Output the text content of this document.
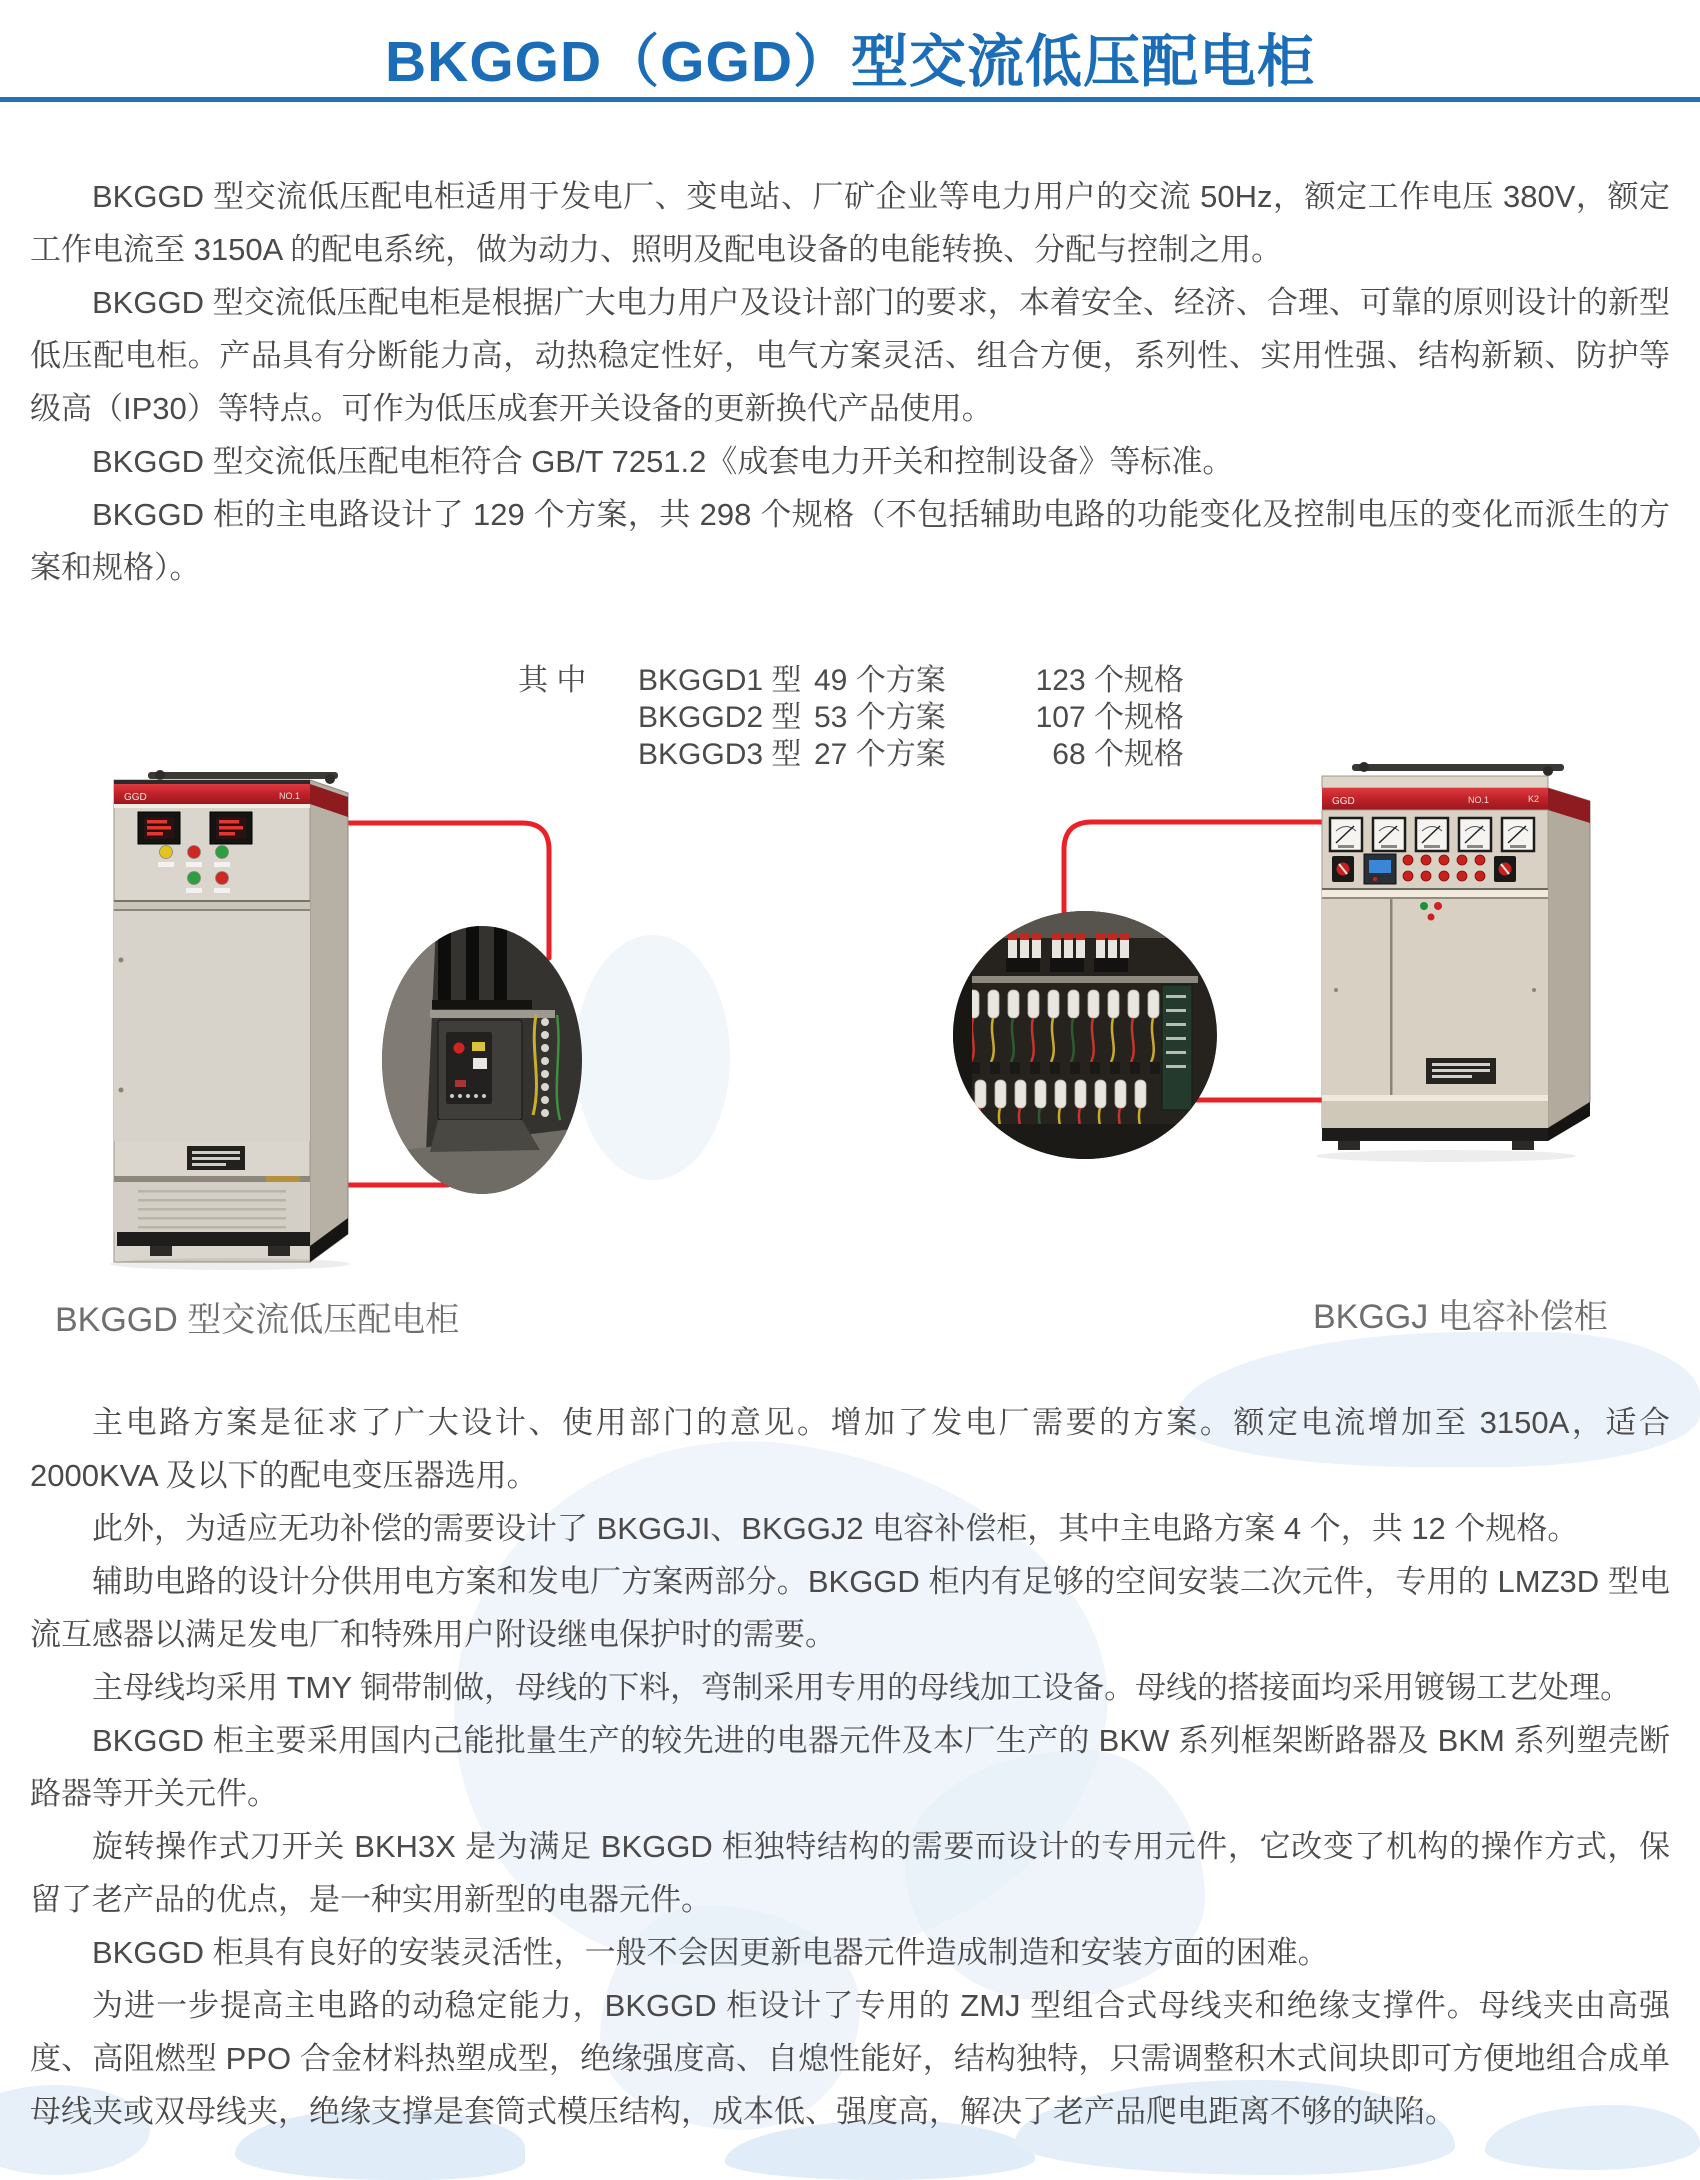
BKGGD（GGD）型交流低压配电柜

BKGGD 型交流低压配电柜适用于发电厂、变电站、厂矿企业等电力用户的交流 50Hz，额定工作电压 380V，额定工作电流至 3150A 的配电系统，做为动力、照明及配电设备的电能转换、分配与控制之用。

BKGGD 型交流低压配电柜是根据广大电力用户及设计部门的要求，本着安全、经济、合理、可靠的原则设计的新型低压配电柜。产品具有分断能力高，动热稳定性好，电气方案灵活、组合方便，系列性、实用性强、结构新颖、防护等级高（IP30）等特点。可作为低压成套开关设备的更新换代产品使用。

BKGGD 型交流低压配电柜符合 GB/T 7251.2《成套电力开关和控制设备》等标准。

BKGGD 柜的主电路设计了 129 个方案，共 298 个规格（不包括辅助电路的功能变化及控制电压的变化而派生的方案和规格）。

其 中	BKGGD1 型 49 个方案	123 个规格
BKGGD2 型 53 个方案	107 个规格
BKGGD3 型 27 个方案	68 个规格
GGD	NO.1	GGD	NO.1	K2
BKGGD 型交流低压配电柜	BKGGJ 电容补偿柜

主电路方案是征求了广大设计、使用部门的意见。增加了发电厂需要的方案。额定电流增加至 3150A，适合 2000KVA 及以下的配电变压器选用。

此外，为适应无功补偿的需要设计了 BKGGJI、BKGGJ2 电容补偿柜，其中主电路方案 4 个，共 12 个规格。

辅助电路的设计分供用电方案和发电厂方案两部分。BKGGD 柜内有足够的空间安装二次元件，专用的 LMZ3D 型电流互感器以满足发电厂和特殊用户附设继电保护时的需要。

主母线均采用 TMY 铜带制做，母线的下料，弯制采用专用的母线加工设备。母线的搭接面均采用镀锡工艺处理。

BKGGD 柜主要采用国内己能批量生产的较先进的电器元件及本厂生产的 BKW 系列框架断路器及 BKM 系列塑壳断路器等开关元件。

旋转操作式刀开关 BKH3X 是为满足 BKGGD 柜独特结构的需要而设计的专用元件，它改变了机构的操作方式，保留了老产品的优点，是一种实用新型的电器元件。

BKGGD 柜具有良好的安装灵活性，一般不会因更新电器元件造成制造和安装方面的困难。

为进一步提高主电路的动稳定能力，BKGGD 柜设计了专用的 ZMJ 型组合式母线夹和绝缘支撑件。母线夹由高强度、高阻燃型 PPO 合金材料热塑成型，绝缘强度高、自熄性能好，结构独特，只需调整积木式间块即可方便地组合成单母线夹或双母线夹，绝缘支撑是套筒式模压结构，成本低、强度高，解决了老产品爬电距离不够的缺陷。
